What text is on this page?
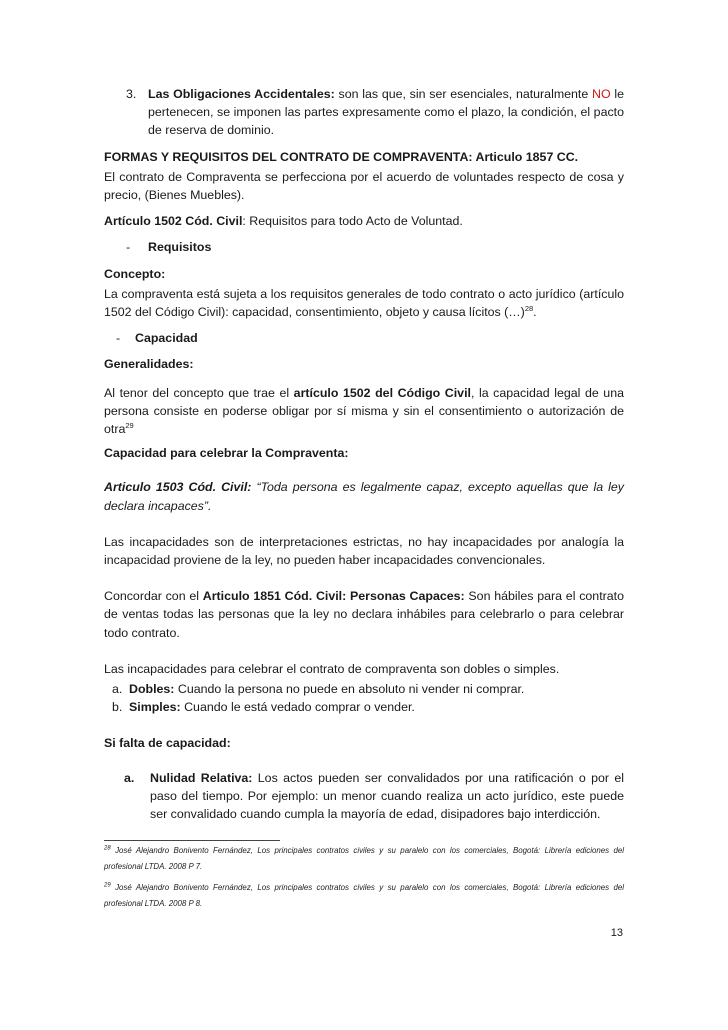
3. Las Obligaciones Accidentales: son las que, sin ser esenciales, naturalmente NO le pertenecen, se imponen las partes expresamente como el plazo, la condición, el pacto de reserva de dominio.

FORMAS Y REQUISITOS DEL CONTRATO DE COMPRAVENTA: Articulo 1857 CC.

El contrato de Compraventa se perfecciona por el acuerdo de voluntades respecto de cosa y precio, (Bienes Muebles).

Artículo 1502 Cód. Civil: Requisitos para todo Acto de Voluntad.

-	Requisitos

Concepto:

La compraventa está sujeta a los requisitos generales de todo contrato o acto jurídico (artículo 1502 del Código Civil): capacidad, consentimiento, objeto y causa lícitos (…)$^{28}$.

-	Capacidad

Generalidades:

Al tenor del concepto que trae el artículo 1502 del Código Civil, la capacidad legal de una persona consiste en poderse obligar por sí misma y sin el consentimiento o autorización de otra$^{29}$

Capacidad para celebrar la Compraventa:

Articulo 1503 Cód. Civil: “Toda persona es legalmente capaz, excepto aquellas que la ley declara incapaces”.

Las incapacidades son de interpretaciones estrictas, no hay incapacidades por analogía la incapacidad proviene de la ley, no pueden haber incapacidades convencionales.

Concordar con el Articulo 1851 Cód. Civil: Personas Capaces: Son hábiles para el contrato de ventas todas las personas que la ley no declara inhábiles para celebrarlo o para celebrar todo contrato.

Las incapacidades para celebrar el contrato de compraventa son dobles o simples.

a. Dobles: Cuando la persona no puede en absoluto ni vender ni comprar.
b. Simples: Cuando le está vedado comprar o vender.

Si falta de capacidad:

a.	Nulidad Relativa: Los actos pueden ser convalidados por una ratificación o por el paso del tiempo. Por ejemplo: un menor cuando realiza un acto jurídico, este puede ser convalidado cuando cumpla la mayoría de edad, disipadores bajo interdicción.

$^{28}$ José Alejandro Bonivento Fernández, Los principales contratos civiles y su paralelo con los comerciales, Bogotá: Librería ediciones del profesional LTDA. 2008 P 7.

$^{29}$ José Alejandro Bonivento Fernández, Los principales contratos civiles y su paralelo con los comerciales, Bogotá: Librería ediciones del profesional LTDA. 2008 P 8.

13
